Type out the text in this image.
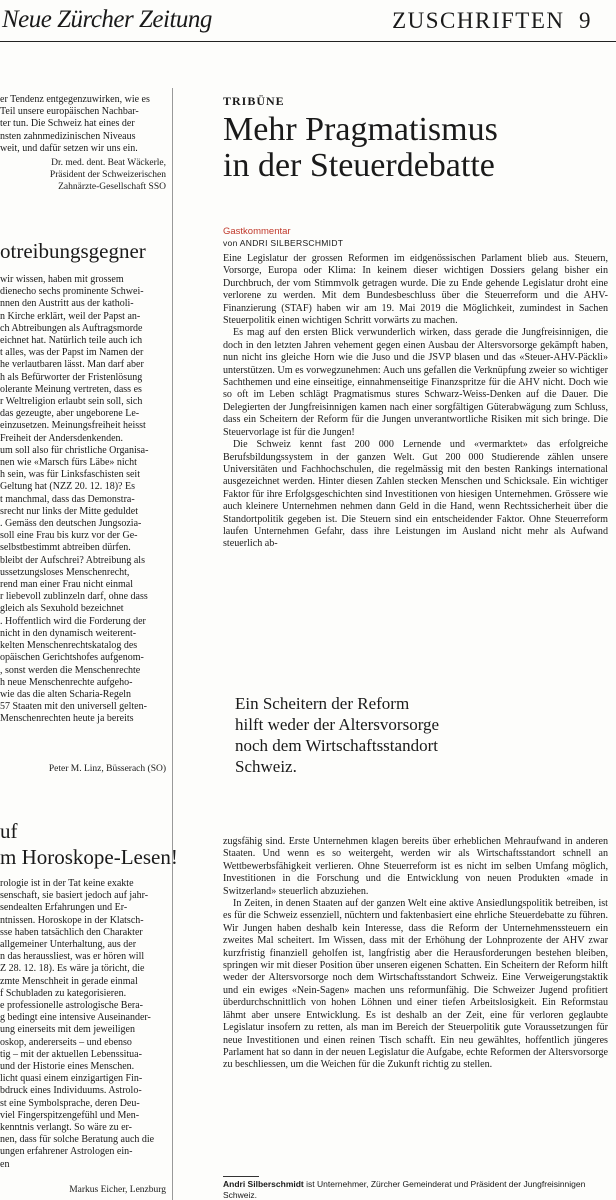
Neue Zürcher Zeitung	ZUSCHRIFTEN 9
er Tendenz entgegenzuwirken, wie es
Teil unsere europäischen Nachbar-
ter tun. Die Schweiz hat eines der
nsten zahnmedizinischen Niveaus
weit, und dafür setzen wir uns ein.
Dr. med. dent. Beat Wäckerle,
Präsident der Schweizerischen
Zahnärzte-Gesellschaft SSO
otreibungsgegner
wir wissen, haben mit grossem
dienecho sechs prominente Schwei-
nnen den Austritt aus der katholi-
n Kirche erklärt, weil der Papst an-
ch Abtreibungen als Auftragsmorde
eichnet hat. Natürlich teile auch ich
t alles, was der Papst im Namen der
he verlautbaren lässt. Man darf aber
h als Befürworter der Fristenlösung
olerante Meinung vertreten, dass es
r Weltreligion erlaubt sein soll, sich
das gezeugte, aber ungeborene Le-
einzusetzen. Meinungsfreiheit heisst
Freiheit der Andersdenkenden.
um soll also für christliche Organisa-
nen wie «Marsch fürs Läbe» nicht
h sein, was für Linksfaschisten seit
Geltung hat (NZZ 20. 12. 18)? Es
t manchmal, dass das Demonstra-
srecht nur links der Mitte geduldet
. Gemäss den deutschen Jungsozia-
soll eine Frau bis kurz vor der Ge-
selbstbestimmt abtreiben dürfen.
bleibt der Aufschrei? Abtreibung als
ussetzungsloses Menschenrecht,
rend man einer Frau nicht einmal
r liebevoll zublinzeln darf, ohne dass
gleich als Sexuhold bezeichnet
. Hoffentlich wird die Forderung der
nicht in den dynamisch weiterent-
kelten Menschenrechtskatalog des
opäischen Gerichtshofes aufgenom-
, sonst werden die Menschenrechte
h neue Menschenrechte aufgeho-
wie das die alten Scharia-Regeln
57 Staaten mit den universell gelten-
Menschenrechten heute ja bereits
Peter M. Linz, Büsserach (SO)
uf
m Horoskope-Lesen!
rologie ist in der Tat keine exakte
senschaft, sie basiert jedoch auf jahr-
sendealten Erfahrungen und Er-
ntnissen. Horoskope in der Klatsch-
sse haben tatsächlich den Charakter
allgemeiner Unterhaltung, aus der
n das heraussliest, was er hören will
Z 28. 12. 18). Es wäre ja töricht, die
zmte Menschheit in gerade einmal
f Schubladen zu kategorisieren.
e professionelle astrologische Bera-
g bedingt eine intensive Auseinander-
ung einerseits mit dem jeweiligen
oskop, andererseits – und ebenso
tig – mit der aktuellen Lebenssitua-
und der Historie eines Menschen.
licht quasi einem einzigartigen Fin-
bdruck eines Individuums. Astrolo-
st eine Symbolsprache, deren Deu-
viel Fingerspitzengefühl und Men-
kenntnis verlangt. So wäre zu er-
nen, dass für solche Beratung auch die
ungen erfahrener Astrologen ein-
en
Markus Eicher, Lenzburg
TRIBÜNE
Mehr Pragmatismus
in der Steuerdebatte
Gastkommentar
von ANDRI SILBERSCHMIDT

Eine Legislatur der grossen Reformen im eidgenössischen Parlament blieb aus. Steuern, Vorsorge, Europa oder Klima: In keinem dieser wichtigen Dossiers gelang bisher ein Durchbruch, der vom Stimmvolk getragen wurde. Die zu Ende gehende Legislatur droht eine verlorene zu werden. Mit dem Bundesbeschluss über die Steuerreform und die AHV-Finanzierung (STAF) haben wir am 19. Mai 2019 die Möglichkeit, zumindest in Sachen Steuerpolitik einen wichtigen Schritt vorwärts zu machen.

Es mag auf den ersten Blick verwunderlich wirken, dass gerade die Jungfreisinnigen, die doch in den letzten Jahren vehement gegen einen Ausbau der Altersvorsorge gekämpft haben, nun nicht ins gleiche Horn wie die Juso und die JSVP blasen und das «Steuer-AHV-Päckli» unterstützen. Um es vorwegzunehmen: Auch uns gefallen die Verknüpfung zweier so wichtiger Sachthemen und eine einseitige, einnahmenseitige Finanzspritze für die AHV nicht. Doch wie so oft im Leben schlägt Pragmatismus stures Schwarz-Weiss-Denken auf die Dauer. Die Delegierten der Jungfreisinnigen kamen nach einer sorgfältigen Güterabwägung zum Schluss, dass ein Scheitern der Reform für die Jungen unverantwortliche Risiken mit sich bringe. Die Steuervorlage ist für die Jungen!

Die Schweiz kennt fast 200 000 Lernende und «vermarktet» das erfolgreiche Berufsbildungssystem in der ganzen Welt. Gut 200 000 Studierende zählen unsere Universitäten und Fachhochschulen, die regelmässig mit den besten Rankings international ausgezeichnet werden. Hinter diesen Zahlen stecken Menschen und Schicksale. Ein wichtiger Faktor für ihre Erfolgsgeschichten sind Investitionen von hiesigen Unternehmen. Grössere wie auch kleinere Unternehmen nehmen dann Geld in die Hand, wenn Rechtssicherheit über die Standortpolitik gegeben ist. Die Steuern sind ein entscheidender Faktor. Ohne Steuerreform laufen Unternehmen Gefahr, dass ihre Leistungen im Ausland nicht mehr als Aufwand steuerlich ab-

Ein Scheitern der Reform
hilft weder der Altersvorsorge
noch dem Wirtschaftsstandort
Schweiz.

zugsfähig sind. Erste Unternehmen klagen bereits über erheblichen Mehraufwand in anderen Staaten. Und wenn es so weitergeht, werden wir als Wirtschaftsstandort schnell an Wettbewerbsfähigkeit verlieren. Ohne Steuerreform ist es nicht im selben Umfang möglich, Investitionen in die Forschung und die Entwicklung von neuen Produkten «made in Switzerland» steuerlich abzuziehen.

In Zeiten, in denen Staaten auf der ganzen Welt eine aktive Ansiedlungspolitik betreiben, ist es für die Schweiz essenziell, nüchtern und faktenbasiert eine ehrliche Steuerdebatte zu führen. Wir Jungen haben deshalb kein Interesse, dass die Reform der Unternehmenssteuern ein zweites Mal scheitert. Im Wissen, dass mit der Erhöhung der Lohnprozente der AHV zwar kurzfristig finanziell geholfen ist, langfristig aber die Herausforderungen bestehen bleiben, springen wir mit dieser Position über unseren eigenen Schatten. Ein Scheitern der Reform hilft weder der Altersvorsorge noch dem Wirtschaftsstandort Schweiz. Eine Verweigerungstaktik und ein ewiges «Nein-Sagen» machen uns reformunfähig. Die Schweizer Jugend profitiert überdurchschnittlich von hohen Löhnen und einer tiefen Arbeitslosigkeit. Ein Reformstau lähmt aber unsere Entwicklung. Es ist deshalb an der Zeit, eine für verloren geglaubte Legislatur insofern zu retten, als man im Bereich der Steuerpolitik gute Voraussetzungen für neue Investitionen und einen reinen Tisch schafft. Ein neu gewähltes, hoffentlich jüngeres Parlament hat so dann in der neuen Legislatur die Aufgabe, echte Reformen der Altersvorsorge zu beschliessen, um die Weichen für die Zukunft richtig zu stellen.

Andri Silberschmidt ist Unternehmer, Zürcher Gemeinderat und Präsident der Jungfreisinnigen Schweiz.
